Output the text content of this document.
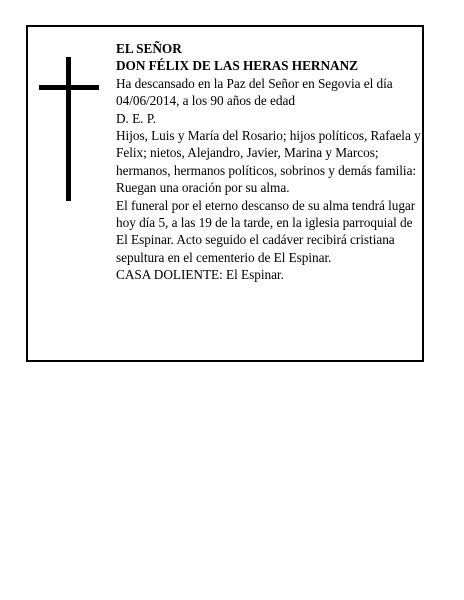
EL SEÑOR
DON FÉLIX DE LAS HERAS HERNANZ
Ha descansado en la Paz del Señor en Segovia el día 04/06/2014, a los 90 años de edad
D. E. P.
Hijos, Luis y María del Rosario; hijos políticos, Rafaela y Felix; nietos, Alejandro, Javier, Marina y Marcos; hermanos, hermanos políticos, sobrinos y demás familia:
Ruegan una oración por su alma.
El funeral por el eterno descanso de su alma tendrá lugar hoy día 5, a las 19 de la tarde, en la iglesia parroquial de El Espinar. Acto seguido el cadáver recibirá cristiana sepultura en el cementerio de El Espinar.
CASA DOLIENTE: El Espinar.
